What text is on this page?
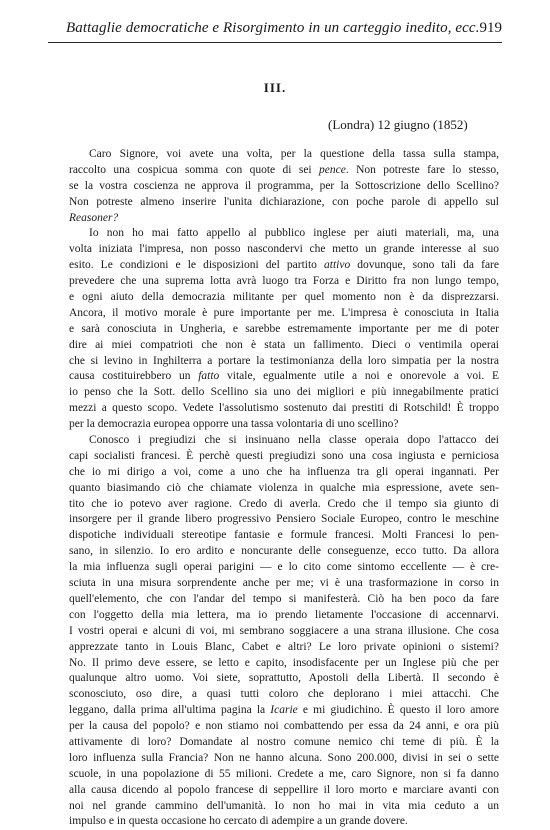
Battaglie democratiche e Risorgimento in un carteggio inedito, ecc. 919
III.
(Londra) 12 giugno (1852)
Caro Signore, voi avete una volta, per la questione della tassa sulla stampa,
raccolto una cospicua somma con quote di sei pence. Non potreste fare lo stesso,
se la vostra coscienza ne approva il programma, per la Sottoscrizione dello Scellino?
Non potreste almeno inserire l'unita dichiarazione, con poche parole di appello sul
Reasoner?
Io non ho mai fatto appello al pubblico inglese per aiuti materiali, ma, una
volta iniziata l'impresa, non posso nascondervi che metto un grande interesse al suo
esito. Le condizioni e le disposizioni del partito attivo dovunque, sono tali da fare
prevedere che una suprema lotta avrà luogo tra Forza e Diritto fra non lungo tempo,
e ogni aiuto della democrazia militante per quel momento non è da disprezzarsi.
Ancora, il motivo morale è pure importante per me. L'impresa è conosciuta in Italia
e sarà conosciuta in Ungheria, e sarebbe estremamente importante per me di poter
dire ai miei compatrioti che non è stata un fallimento. Dieci o ventimila operai
che si levino in Inghilterra a portare la testimonianza della loro simpatia per la nostra
causa costituirebbero un fatto vitale, egualmente utile a noi e onorevole a voi. E
io penso che la Sott. dello Scellino sia uno dei migliori e più innegabilmente pratici
mezzi a questo scopo. Vedete l'assolutismo sostenuto dai prestiti di Rotschild! È troppo
per la democrazia europea opporre una tassa volontaria di uno scellino?
Conosco i pregiudizi che si insinuano nella classe operaia dopo l'attacco dei
capi socialisti francesi. È perchè questi pregiudizi sono una cosa ingiusta e perniciosa
che io mi dirigo a voi, come a uno che ha influenza tra gli operai ingannati. Per
quanto biasimando ciò che chiamate violenza in qualche mia espressione, avete sen-
tito che io potevo aver ragione. Credo di averla. Credo che il tempo sia giunto di
insorgere per il grande libero progressivo Pensiero Sociale Europeo, contro le meschine
dispotiche individuali stereotipe fantasie e formule francesi. Molti Francesi lo pen-
sano, in silenzio. Io ero ardito e noncurante delle conseguenze, ecco tutto. Da allora
la mia influenza sugli operai parigini — e lo cito come sintomo eccellente — è cre-
sciuta in una misura sorprendente anche per me; vi è una trasformazione in corso in
quell'elemento, che con l'andar del tempo si manifesterà. Ciò ha ben poco da fare
con l'oggetto della mia lettera, ma io prendo lietamente l'occasione di accennarvi.
I vostri operai e alcuni di voi, mi sembrano soggiacere a una strana illusione. Che cosa
apprezzate tanto in Louis Blanc, Cabet e altri? Le loro private opinioni o sistemi?
No. Il primo deve essere, se letto e capito, insodisfacente per un Inglese più che per
qualunque altro uomo. Voi siete, soprattutto, Apostoli della Libertà. Il secondo è
sconosciuto, oso dire, a quasi tutti coloro che deplorano i miei attacchi. Che
leggano, dalla prima all'ultima pagina la Icarie e mi giudichino. È questo il loro amore
per la causa del popolo? e non stiamo noi combattendo per essa da 24 anni, e ora più
attivamente di loro? Domandate al nostro comune nemico chi teme di più. È la
loro influenza sulla Francia? Non ne hanno alcuna. Sono 200.000, divisi in sei o sette
scuole, in una popolazione di 55 milioni. Credete a me, caro Signore, non si fa danno
alla causa dicendo al popolo francese di seppellire il loro morto e marciare avanti con
noi nel grande cammino dell'umanità. Io non ho mai in vita mia ceduto a un
impulso e in questa occasione ho cercato di adempire a un grande dovere.
